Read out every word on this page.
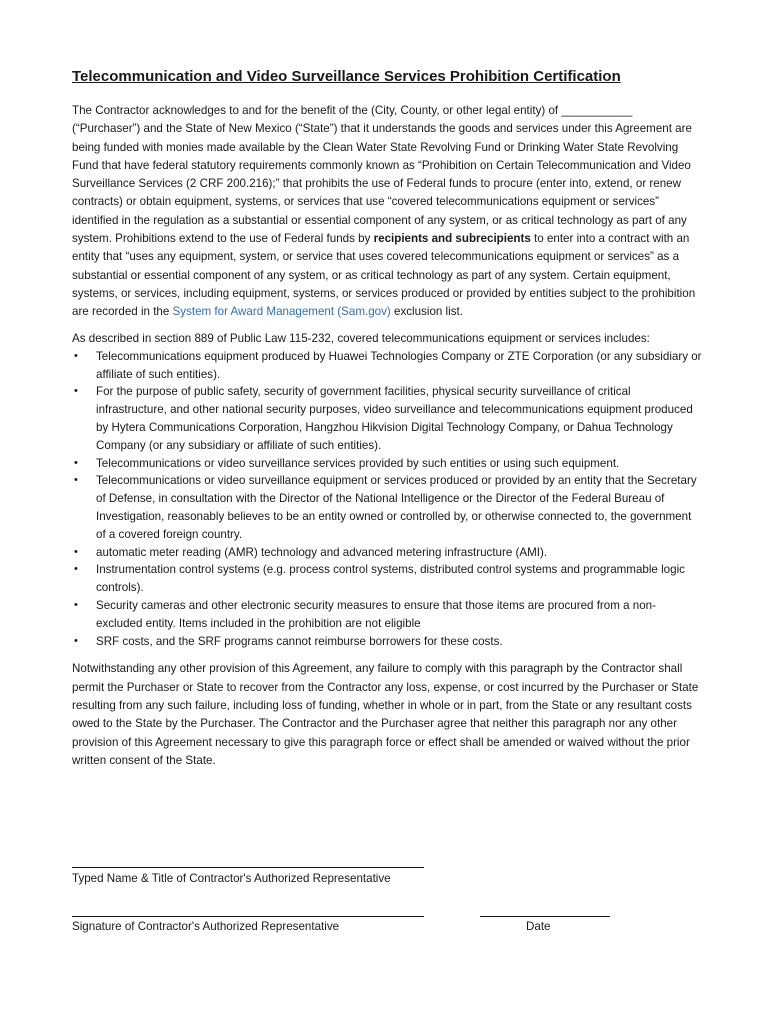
Telecommunication and Video Surveillance Services Prohibition Certification

The Contractor acknowledges to and for the benefit of the (City, County, or other legal entity) of ___________ (“Purchaser”) and the State of New Mexico (“State”) that it understands the goods and services under this Agreement are being funded with monies made available by the Clean Water State Revolving Fund or Drinking Water State Revolving Fund that have federal statutory requirements commonly known as “Prohibition on Certain Telecommunication and Video Surveillance Services (2 CRF 200.216);” that prohibits the use of Federal funds to procure (enter into, extend, or renew contracts) or obtain equipment, systems, or services that use “covered telecommunications equipment or services” identified in the regulation as a substantial or essential component of any system, or as critical technology as part of any system. Prohibitions extend to the use of Federal funds by recipients and subrecipients to enter into a contract with an entity that “uses any equipment, system, or service that uses covered telecommunications equipment or services” as a substantial or essential component of any system, or as critical technology as part of any system. Certain equipment, systems, or services, including equipment, systems, or services produced or provided by entities subject to the prohibition are recorded in the System for Award Management (Sam.gov) exclusion list.

As described in section 889 of Public Law 115-232, covered telecommunications equipment or services includes:

• Telecommunications equipment produced by Huawei Technologies Company or ZTE Corporation (or any subsidiary or affiliate of such entities).
• For the purpose of public safety, security of government facilities, physical security surveillance of critical infrastructure, and other national security purposes, video surveillance and telecommunications equipment produced by Hytera Communications Corporation, Hangzhou Hikvision Digital Technology Company, or Dahua Technology Company (or any subsidiary or affiliate of such entities).
• Telecommunications or video surveillance services provided by such entities or using such equipment.
• Telecommunications or video surveillance equipment or services produced or provided by an entity that the Secretary of Defense, in consultation with the Director of the National Intelligence or the Director of the Federal Bureau of Investigation, reasonably believes to be an entity owned or controlled by, or otherwise connected to, the government of a covered foreign country.
• automatic meter reading (AMR) technology and advanced metering infrastructure (AMI).
• Instrumentation control systems (e.g. process control systems, distributed control systems and programmable logic controls).
• Security cameras and other electronic security measures to ensure that those items are procured from a non-excluded entity. Items included in the prohibition are not eligible
• SRF costs, and the SRF programs cannot reimburse borrowers for these costs.

Notwithstanding any other provision of this Agreement, any failure to comply with this paragraph by the Contractor shall permit the Purchaser or State to recover from the Contractor any loss, expense, or cost incurred by the Purchaser or State resulting from any such failure, including loss of funding, whether in whole or in part, from the State or any resultant costs owed to the State by the Purchaser. The Contractor and the Purchaser agree that neither this paragraph nor any other provision of this Agreement necessary to give this paragraph force or effect shall be amended or waived without the prior written consent of the State.

Typed Name & Title of Contractor's Authorized Representative
Signature of Contractor's Authorized Representative	Date
